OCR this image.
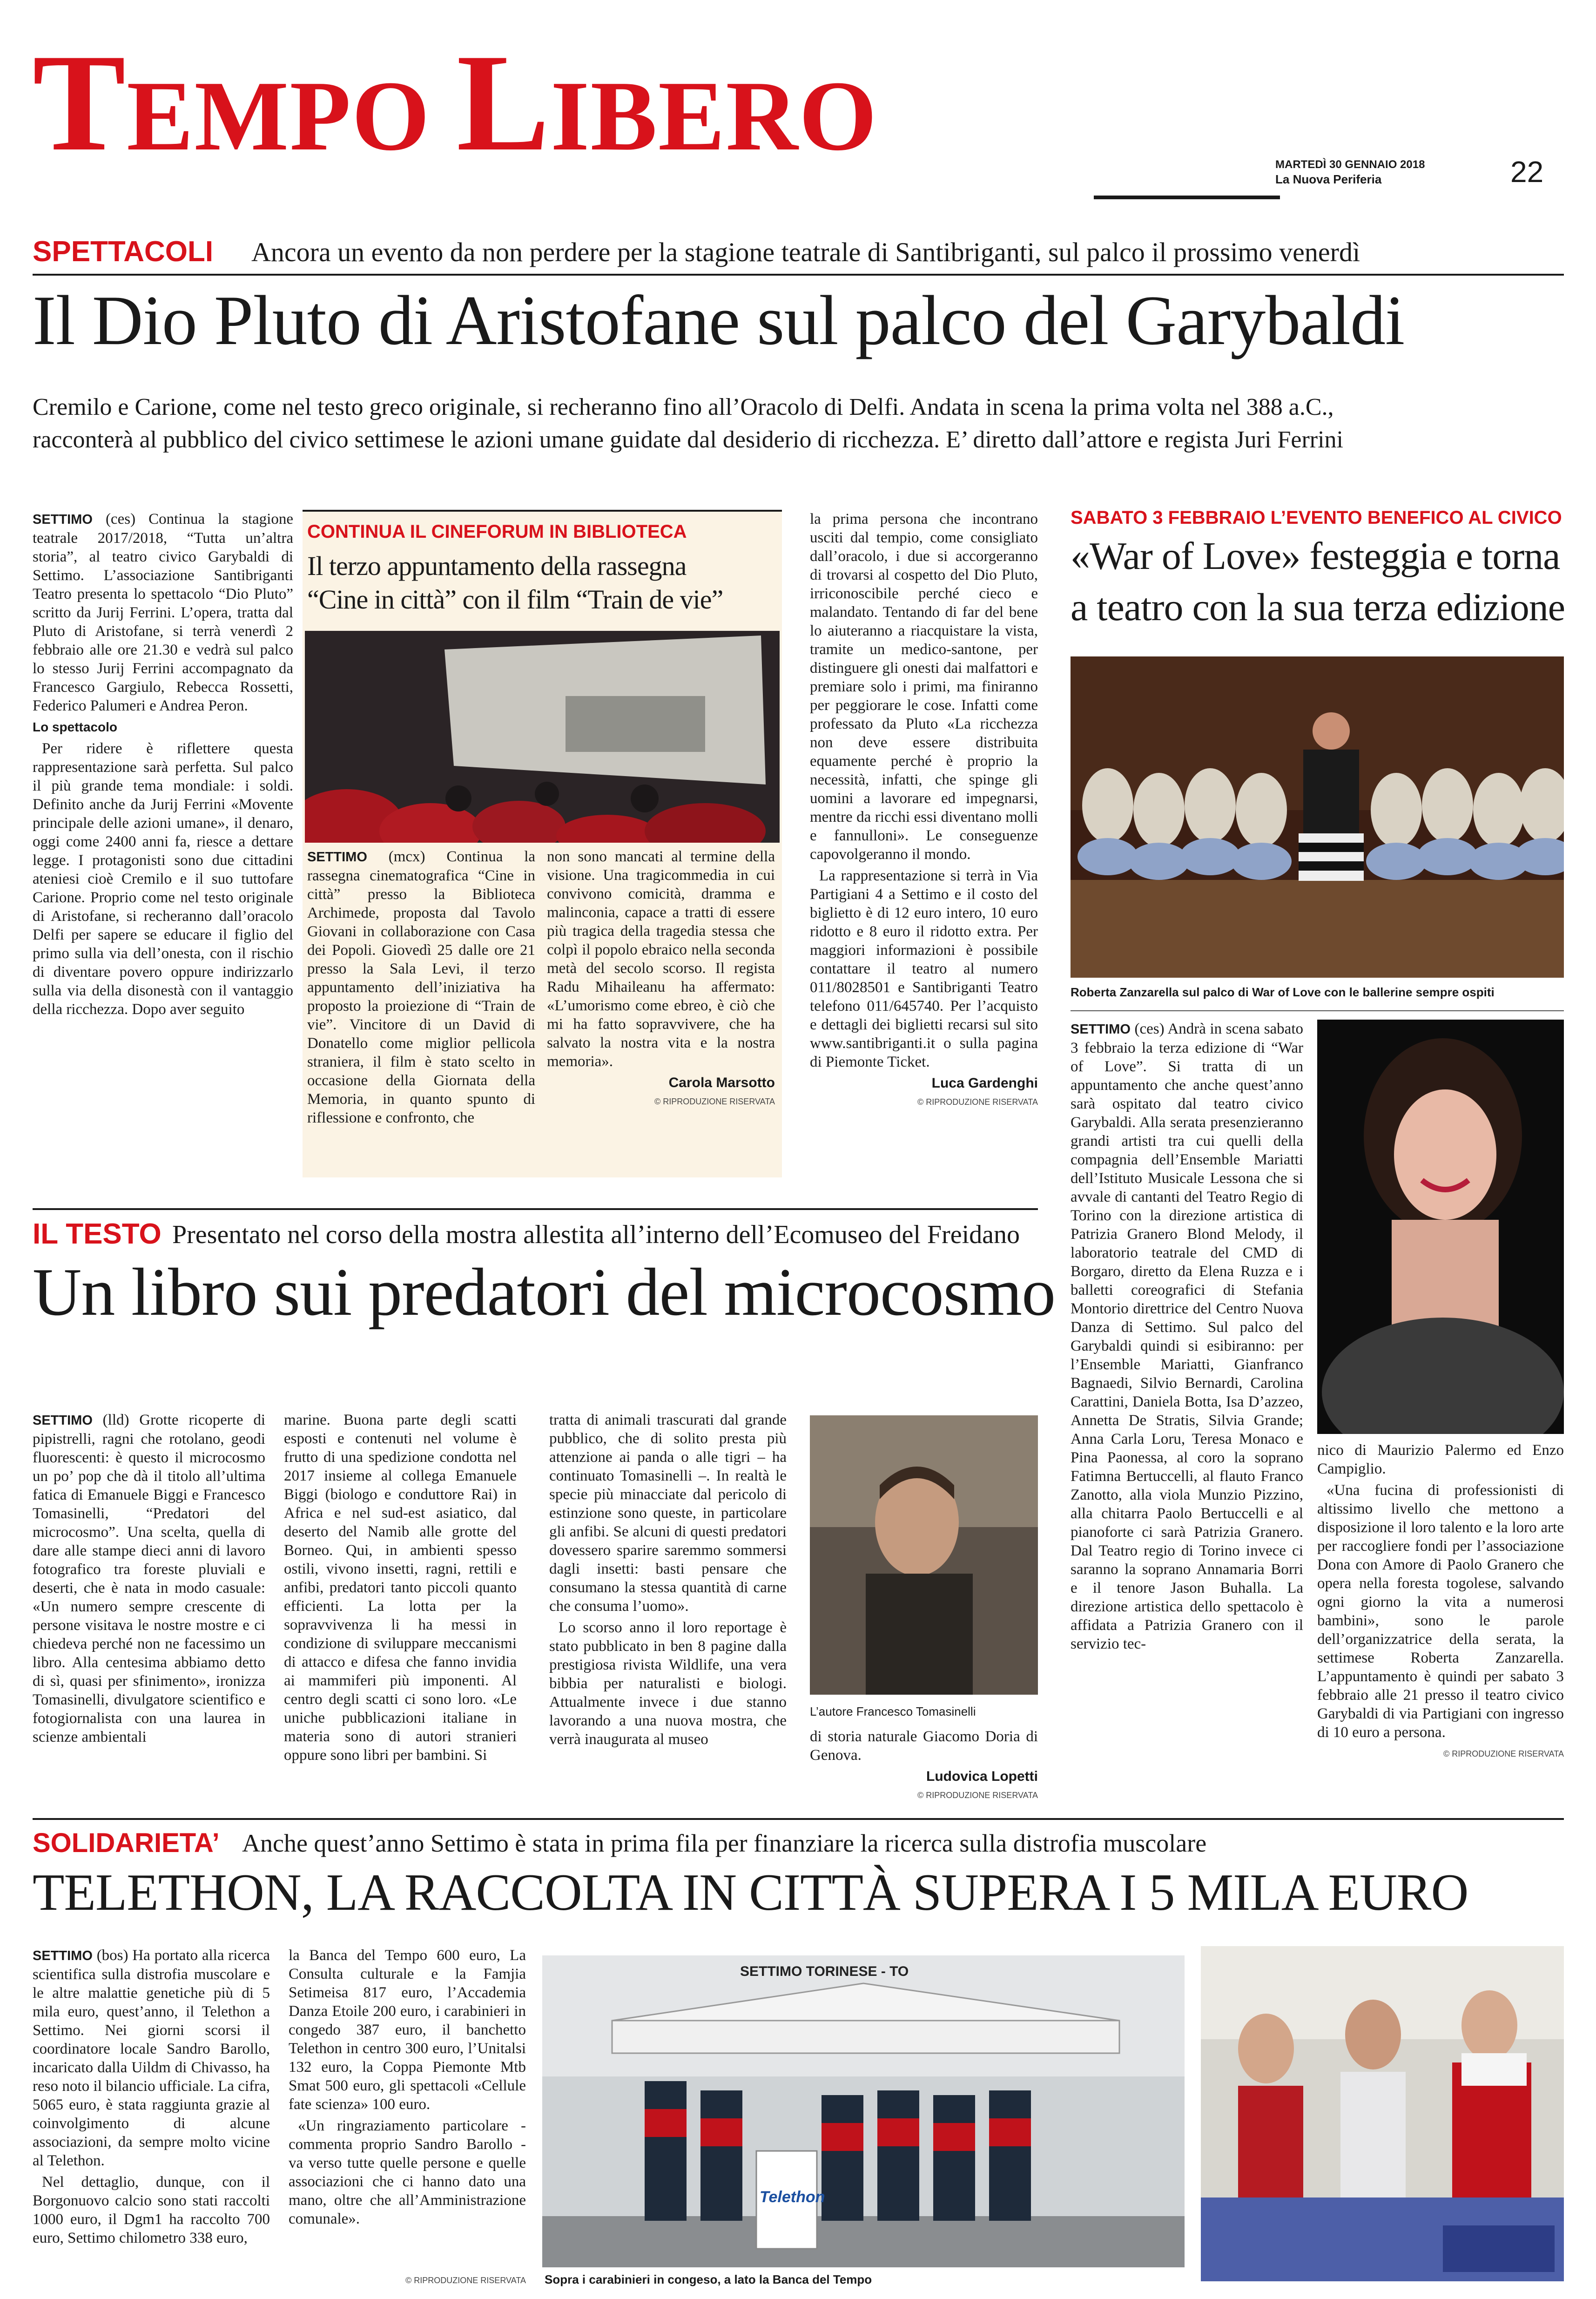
TEMPO LIBERO	MARTEDÌ 30 GENNAIO 2018
La Nuova Periferia	22
SPETTACOLI Ancora un evento da non perdere per la stagione teatrale di Santibriganti, sul palco il prossimo venerdì
Il Dio Pluto di Aristofane sul palco del Garybaldi
Cremilo e Carione, come nel testo greco originale, si recheranno fino all’Oracolo di Delfi. Andata in scena la prima volta nel 388 a.C.,
racconterà al pubblico del civico settimese le azioni umane guidate dal desiderio di ricchezza. E’ diretto dall’attore e regista Juri Ferrini

SETTIMO (ces) Continua la stagione teatrale 2017/2018, “Tutta un’altra storia”, al teatro civico Garybaldi di Settimo. L’associazione Santibriganti Teatro presenta lo spettacolo “Dio Pluto” scritto da Jurij Ferrini. L’opera, tratta dal Pluto di Aristofane, si terrà venerdì 2 febbraio alle ore 21.30 e vedrà sul palco lo stesso Jurij Ferrini accompagnato da Francesco Gargiulo, Rebecca Rossetti, Federico Palumeri e Andrea Peron.

Lo spettacolo

Per ridere è riflettere questa rappresentazione sarà perfetta. Sul palco il più grande tema mondiale: i soldi. Definito anche da Jurij Ferrini «Movente principale delle azioni umane», il denaro, oggi come 2400 anni fa, riesce a dettare legge. I protagonisti sono due cittadini ateniesi cioè Cremilo e il suo tuttofare Carione. Proprio come nel testo originale di Aristofane, si recheranno dall’oracolo Delfi per sapere se educare il figlio del primo sulla via dell’onesta, con il rischio di diventare povero oppure indirizzarlo sulla via della disonestà con il vantaggio della ricchezza. Dopo aver seguito

CONTINUA IL CINEFORUM IN BIBLIOTECA
Il terzo appuntamento della rassegna
“Cine in città” con il film “Train de vie”

SETTIMO (mcx) Continua la rassegna cinematografica “Cine in città” presso la Biblioteca Archimede, proposta dal Tavolo Giovani in collaborazione con Casa dei Popoli. Giovedì 25 dalle ore 21 presso la Sala Levi, il terzo appuntamento dell’iniziativa ha proposto la proiezione di “Train de vie”. Vincitore di un David di Donatello come miglior pellicola straniera, il film è stato scelto in occasione della Giornata della Memoria, in quanto spunto di riflessione e confronto, che

non sono mancati al termine della visione. Una tragicommedia in cui convivono comicità, dramma e malinconia, capace a tratti di essere più tragica della tragedia stessa che colpì il popolo ebraico nella seconda metà del secolo scorso. Il regista Radu Mihaileanu ha affermato: «L’umorismo come ebreo, è ciò che mi ha fatto sopravvivere, che ha salvato la nostra vita e la nostra memoria».

Carola Marsotto
© RIPRODUZIONE RISERVATA

la prima persona che incontrano usciti dal tempio, come consigliato dall’oracolo, i due si accorgeranno di trovarsi al cospetto del Dio Pluto, irriconoscibile perché cieco e malandato. Tentando di far del bene lo aiuteranno a riacquistare la vista, tramite un medico-santone, per distinguere gli onesti dai malfattori e premiare solo i primi, ma finiranno per peggiorare le cose. Infatti come professato da Pluto «La ricchezza non deve essere distribuita equamente perché è proprio la necessità, infatti, che spinge gli uomini a lavorare ed impegnarsi, mentre da ricchi essi diventano molli e fannulloni». Le conseguenze capovolgeranno il mondo.

La rappresentazione si terrà in Via Partigiani 4 a Settimo e il costo del biglietto è di 12 euro intero, 10 euro ridotto e 8 euro il ridotto extra. Per maggiori informazioni è possibile contattare il teatro al numero 011/8028501 e Santibriganti Teatro telefono 011/645740. Per l’acquisto e dettagli dei biglietti recarsi sul sito www.santibriganti.it o sulla pagina di Piemonte Ticket.

Luca Gardenghi
© RIPRODUZIONE RISERVATA
SABATO 3 FEBBRAIO L’EVENTO BENEFICO AL CIVICO
«War of Love» festeggia e torna
a teatro con la sua terza edizione
Roberta Zanzarella sul palco di War of Love con le ballerine sempre ospiti

SETTIMO (ces) Andrà in scena sabato 3 febbraio la terza edizione di “War of Love”. Si tratta di un appuntamento che anche quest’anno sarà ospitato dal teatro civico Garybaldi. Alla serata presenzieranno grandi artisti tra cui quelli della compagnia dell’Ensemble Mariatti dell’Istituto Musicale Lessona che si avvale di cantanti del Teatro Regio di Torino con la direzione artistica di Patrizia Granero Blond Melody, il laboratorio teatrale del CMD di Borgaro, diretto da Elena Ruzza e i balletti coreografici di Stefania Montorio direttrice del Centro Nuova Danza di Settimo. Sul palco del Garybaldi quindi si esibiranno: per l’Ensemble Mariatti, Gianfranco Bagnaedi, Silvio Bernardi, Carolina Carattini, Daniela Botta, Isa D’azzeo, Annetta De Stratis, Silvia Grande; Anna Carla Loru, Teresa Monaco e Pina Paonessa, al coro la soprano Fatimna Bertuccelli, al flauto Franco Zanotto, alla viola Munzio Pizzino, alla chitarra Paolo Bertuccelli e al pianoforte ci sarà Patrizia Granero. Dal Teatro regio di Torino invece ci saranno la soprano Annamaria Borri e il tenore Jason Buhalla. La direzione artistica dello spettacolo è affidata a Patrizia Granero con il servizio tec-

nico di Maurizio Palermo ed Enzo Campiglio.

«Una fucina di professionisti di altissimo livello che mettono a disposizione il loro talento e la loro arte per raccogliere fondi per l’associazione Dona con Amore di Paolo Granero che opera nella foresta togolese, salvando ogni giorno la vita a numerosi bambini», sono le parole dell’organizzatrice della serata, la settimese Roberta Zanzarella. L’appuntamento è quindi per sabato 3 febbraio alle 21 presso il teatro civico Garybaldi di via Partigiani con ingresso di 10 euro a persona.

© RIPRODUZIONE RISERVATA
IL TESTO Presentato nel corso della mostra allestita all’interno dell’Ecomuseo del Freidano
Un libro sui predatori del microcosmo

SETTIMO (lld) Grotte ricoperte di pipistrelli, ragni che rotolano, geodi fluorescenti: è questo il microcosmo un po’ pop che dà il titolo all’ultima fatica di Emanuele Biggi e Francesco Tomasinelli, “Predatori del microcosmo”. Una scelta, quella di dare alle stampe dieci anni di lavoro fotografico tra foreste pluviali e deserti, che è nata in modo casuale: «Un numero sempre crescente di persone visitava le nostre mostre e ci chiedeva perché non ne facessimo un libro. Alla centesima abbiamo detto di sì, quasi per sfinimento», ironizza Tomasinelli, divulgatore scientifico e fotogiornalista con una laurea in scienze ambientali

marine. Buona parte degli scatti esposti e contenuti nel volume è frutto di una spedizione condotta nel 2017 insieme al collega Emanuele Biggi (biologo e conduttore Rai) in Africa e nel sud-est asiatico, dal deserto del Namib alle grotte del Borneo. Qui, in ambienti spesso ostili, vivono insetti, ragni, rettili e anfibi, predatori tanto piccoli quanto efficienti. La lotta per la sopravvivenza li ha messi in condizione di sviluppare meccanismi di attacco e difesa che fanno invidia ai mammiferi più imponenti. Al centro degli scatti ci sono loro. «Le uniche pubblicazioni italiane in materia sono di autori stranieri oppure sono libri per bambini. Si

tratta di animali trascurati dal grande pubblico, che di solito presta più attenzione ai panda o alle tigri – ha continuato Tomasinelli –. In realtà le specie più minacciate dal pericolo di estinzione sono queste, in particolare gli anfibi. Se alcuni di questi predatori dovessero sparire saremmo sommersi dagli insetti: basti pensare che consumano la stessa quantità di carne che consuma l’uomo».

Lo scorso anno il loro reportage è stato pubblicato in ben 8 pagine dalla prestigiosa rivista Wildlife, una vera bibbia per naturalisti e biologi. Attualmente invece i due stanno lavorando a una nuova mostra, che verrà inaugurata al museo

L’autore Francesco Tomasinelli

di storia naturale Giacomo Doria di Genova.

Ludovica Lopetti
© RIPRODUZIONE RISERVATA
SOLIDARIETA’ Anche quest’anno Settimo è stata in prima fila per finanziare la ricerca sulla distrofia muscolare
TELETHON, LA RACCOLTA IN CITTÀ SUPERA I 5 MILA EURO

SETTIMO (bos) Ha portato alla ricerca scientifica sulla distrofia muscolare e le altre malattie genetiche più di 5 mila euro, quest’anno, il Telethon a Settimo. Nei giorni scorsi il coordinatore locale Sandro Barollo, incaricato dalla Uildm di Chivasso, ha reso noto il bilancio ufficiale. La cifra, 5065 euro, è stata raggiunta grazie al coinvolgimento di alcune associazioni, da sempre molto vicine al Telethon.

Nel dettaglio, dunque, con il Borgonuovo calcio sono stati raccolti 1000 euro, il Dgm1 ha raccolto 700 euro, Settimo chilometro 338 euro,

la Banca del Tempo 600 euro, La Consulta culturale e la Famjia Setimeisa 817 euro, l’Accademia Danza Etoile 200 euro, i carabinieri in congedo 387 euro, il banchetto Telethon in centro 300 euro, l’Unitalsi 132 euro, la Coppa Piemonte Mtb Smat 500 euro, gli spettacoli «Cellule fate scienza» 100 euro.

«Un ringraziamento particolare - commenta proprio Sandro Barollo - va verso tutte quelle persone e quelle associazioni che ci hanno dato una mano, oltre che all’Amministrazione comunale».

© RIPRODUZIONE RISERVATA
SETTIMO TORINESE - TO
Telethon
Sopra i carabinieri in congeso, a lato la Banca del Tempo
